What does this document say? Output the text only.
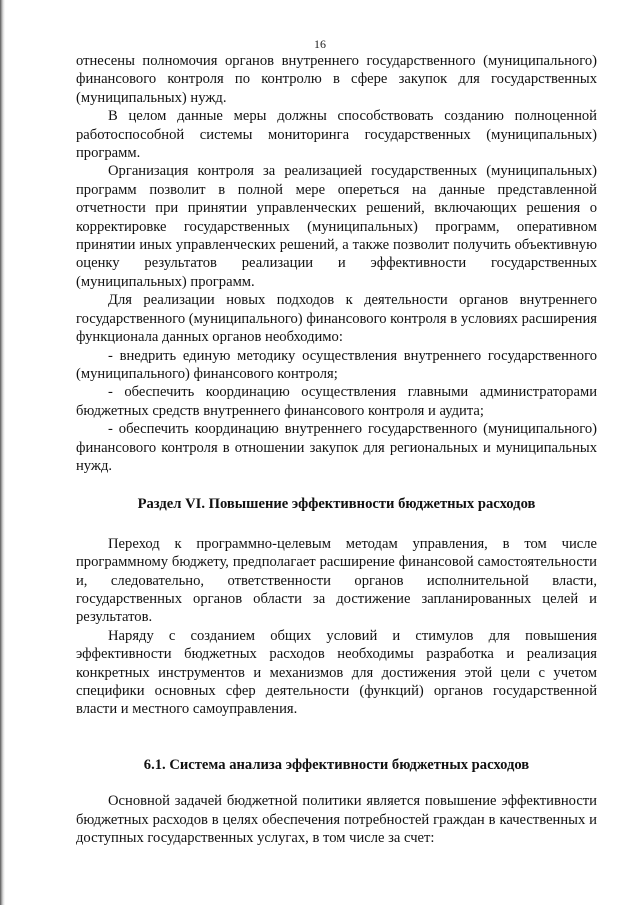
16

отнесены полномочия органов внутреннего государственного (муниципального) финансового контроля по контролю в сфере закупок для государственных (муниципальных) нужд.

В целом данные меры должны способствовать созданию полноценной работоспособной системы мониторинга государственных (муниципальных) программ.

Организация контроля за реализацией государственных (муниципальных) программ позволит в полной мере опереться на данные представленной отчетности при принятии управленческих решений, включающих решения о корректировке государственных (муниципальных) программ, оперативном принятии иных управленческих решений, а также позволит получить объективную оценку результатов реализации и эффективности государственных (муниципальных) программ.

Для реализации новых подходов к деятельности органов внутреннего государственного (муниципального) финансового контроля в условиях расширения функционала данных органов необходимо:

- внедрить единую методику осуществления внутреннего государственного (муниципального) финансового контроля;

- обеспечить координацию осуществления главными администраторами бюджетных средств внутреннего финансового контроля и аудита;

- обеспечить координацию внутреннего государственного (муниципального) финансового контроля в отношении закупок для региональных и муниципальных нужд.

Раздел VI. Повышение эффективности бюджетных расходов

Переход к программно-целевым методам управления, в том числе программному бюджету, предполагает расширение финансовой самостоятельности и, следовательно, ответственности органов исполнительной власти, государственных органов области за достижение запланированных целей и результатов.

Наряду с созданием общих условий и стимулов для повышения эффективности бюджетных расходов необходимы разработка и реализация конкретных инструментов и механизмов для достижения этой цели с учетом специфики основных сфер деятельности (функций) органов государственной власти и местного самоуправления.

6.1. Система анализа эффективности бюджетных расходов

Основной задачей бюджетной политики является повышение эффективности бюджетных расходов в целях обеспечения потребностей граждан в качественных и доступных государственных услугах, в том числе за счет:
